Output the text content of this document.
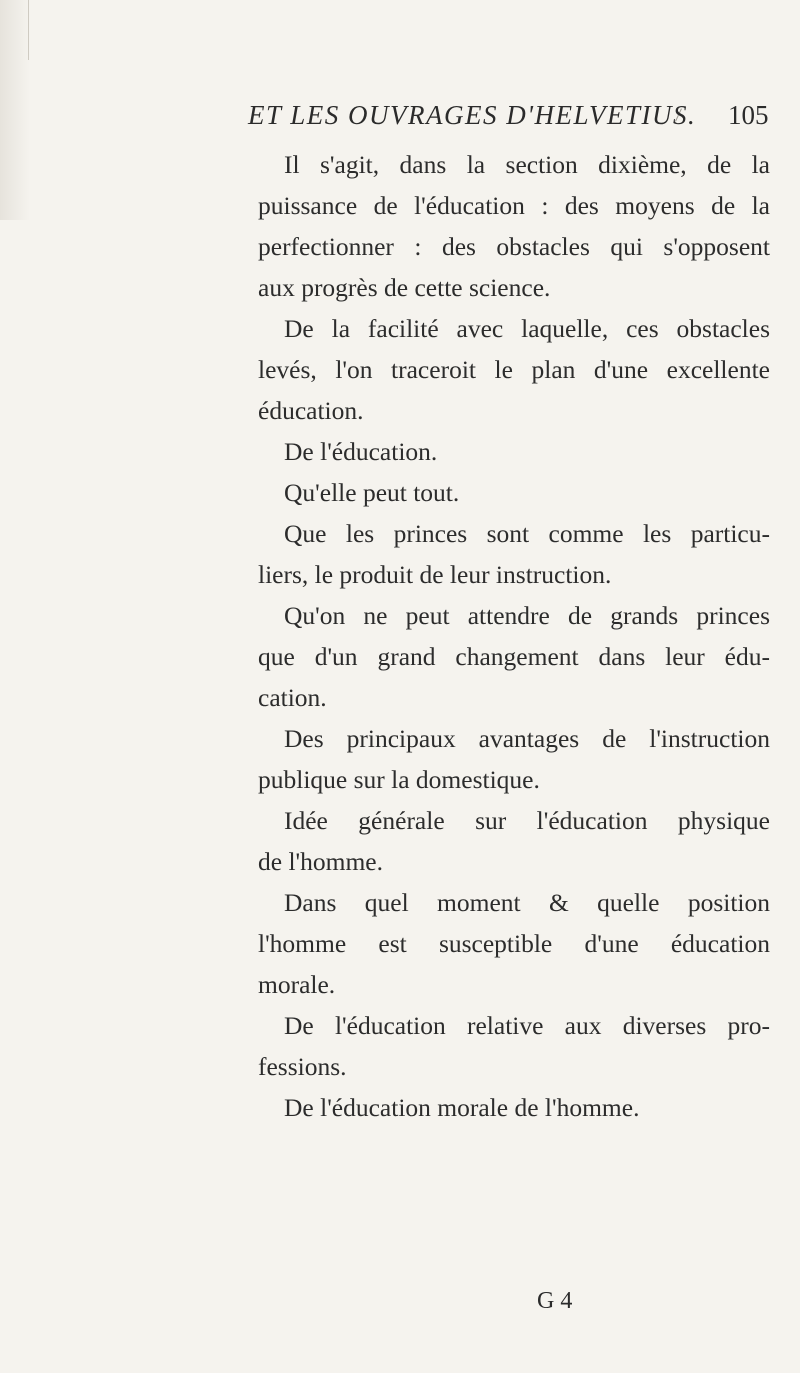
ET LES OUVRAGES D'HELVETIUS.	105
Il s'agit, dans la section dixième, de la
puissance de l'éducation : des moyens de la
perfectionner : des obstacles qui s'opposent
aux progrès de cette science.
De la facilité avec laquelle, ces obstacles
levés, l'on traceroit le plan d'une excellente
éducation.
De l'éducation.
Qu'elle peut tout.
Que les princes sont comme les particu-
liers, le produit de leur instruction.
Qu'on ne peut attendre de grands princes
que d'un grand changement dans leur édu-
cation.
Des principaux avantages de l'instruction
publique sur la domestique.
Idée générale sur l'éducation physique
de l'homme.
Dans quel moment & quelle position
l'homme est susceptible d'une éducation
morale.
De l'éducation relative aux diverses pro-
fessions.
De l'éducation morale de l'homme.
G 4
